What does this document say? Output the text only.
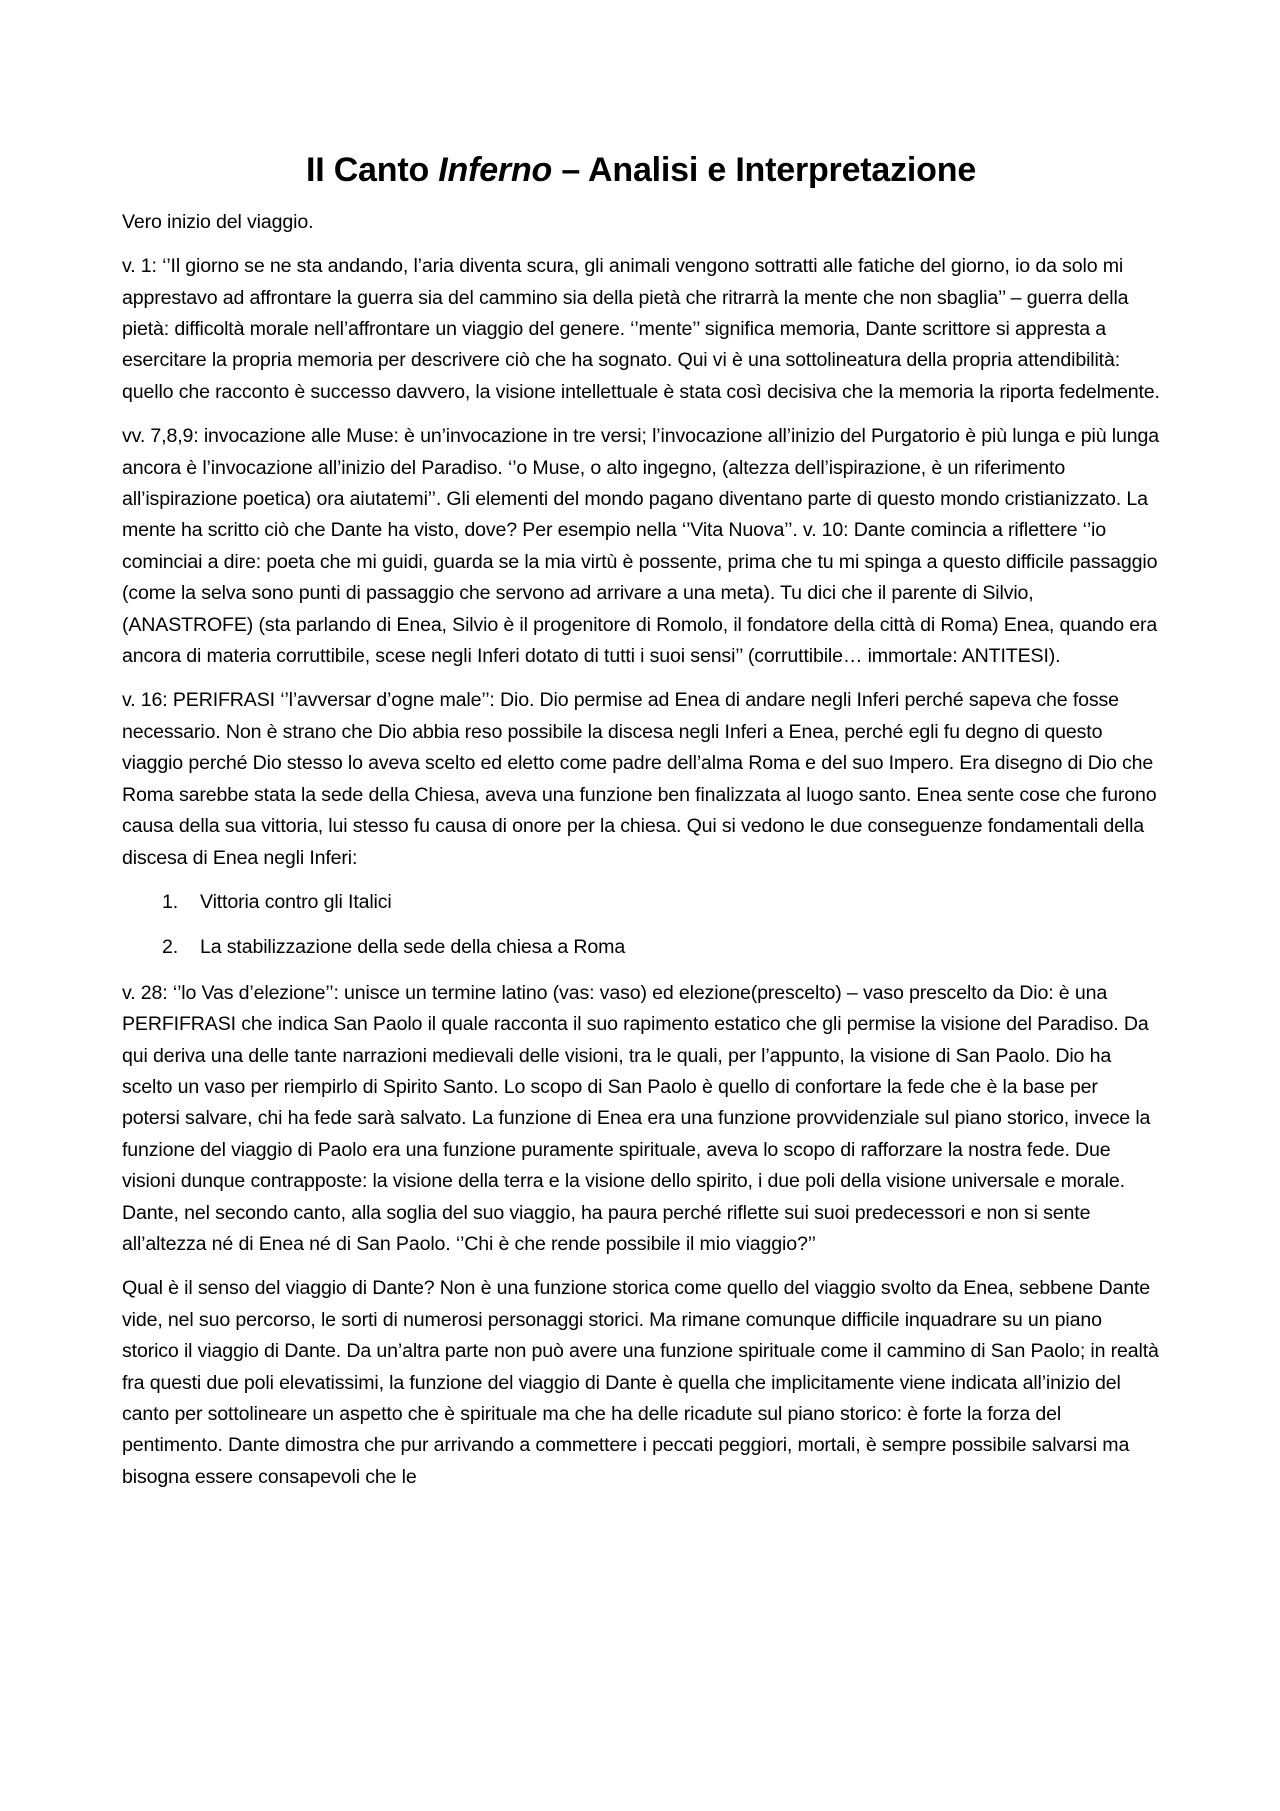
II Canto Inferno – Analisi e Interpretazione

Vero inizio del viaggio.

v. 1: ‘’Il giorno se ne sta andando, l’aria diventa scura, gli animali vengono sottratti alle fatiche del giorno, io da solo mi apprestavo ad affrontare la guerra sia del cammino sia della pietà che ritrarrà la mente che non sbaglia’’ – guerra della pietà: difficoltà morale nell’affrontare un viaggio del genere. ‘’mente’’ significa memoria, Dante scrittore si appresta a esercitare la propria memoria per descrivere ciò che ha sognato. Qui vi è una sottolineatura della propria attendibilità: quello che racconto è successo davvero, la visione intellettuale è stata così decisiva che la memoria la riporta fedelmente.

vv. 7,8,9: invocazione alle Muse: è un’invocazione in tre versi; l’invocazione all’inizio del Purgatorio è più lunga e più lunga ancora è l’invocazione all’inizio del Paradiso. ‘’o Muse, o alto ingegno, (altezza dell’ispirazione, è un riferimento all’ispirazione poetica) ora aiutatemi’’. Gli elementi del mondo pagano diventano parte di questo mondo cristianizzato. La mente ha scritto ciò che Dante ha visto, dove? Per esempio nella ‘’Vita Nuova’’. v. 10: Dante comincia a riflettere ‘’io cominciai a dire: poeta che mi guidi, guarda se la mia virtù è possente, prima che tu mi spinga a questo difficile passaggio (come la selva sono punti di passaggio che servono ad arrivare a una meta). Tu dici che il parente di Silvio, (ANASTROFE) (sta parlando di Enea, Silvio è il progenitore di Romolo, il fondatore della città di Roma) Enea, quando era ancora di materia corruttibile, scese negli Inferi dotato di tutti i suoi sensi’’ (corruttibile… immortale: ANTITESI).

v. 16: PERIFRASI ‘’l’avversar d’ogne male’’: Dio. Dio permise ad Enea di andare negli Inferi perché sapeva che fosse necessario. Non è strano che Dio abbia reso possibile la discesa negli Inferi a Enea, perché egli fu degno di questo viaggio perché Dio stesso lo aveva scelto ed eletto come padre dell’alma Roma e del suo Impero. Era disegno di Dio che Roma sarebbe stata la sede della Chiesa, aveva una funzione ben finalizzata al luogo santo. Enea sente cose che furono causa della sua vittoria, lui stesso fu causa di onore per la chiesa. Qui si vedono le due conseguenze fondamentali della discesa di Enea negli Inferi:

1. Vittoria contro gli Italici
2. La stabilizzazione della sede della chiesa a Roma

v. 28: ‘’lo Vas d’elezione’’: unisce un termine latino (vas: vaso) ed elezione(prescelto) – vaso prescelto da Dio: è una PERFIFRASI che indica San Paolo il quale racconta il suo rapimento estatico che gli permise la visione del Paradiso. Da qui deriva una delle tante narrazioni medievali delle visioni, tra le quali, per l’appunto, la visione di San Paolo. Dio ha scelto un vaso per riempirlo di Spirito Santo. Lo scopo di San Paolo è quello di confortare la fede che è la base per potersi salvare, chi ha fede sarà salvato. La funzione di Enea era una funzione provvidenziale sul piano storico, invece la funzione del viaggio di Paolo era una funzione puramente spirituale, aveva lo scopo di rafforzare la nostra fede. Due visioni dunque contrapposte: la visione della terra e la visione dello spirito, i due poli della visione universale e morale. Dante, nel secondo canto, alla soglia del suo viaggio, ha paura perché riflette sui suoi predecessori e non si sente all’altezza né di Enea né di San Paolo. ‘’Chi è che rende possibile il mio viaggio?’’

Qual è il senso del viaggio di Dante? Non è una funzione storica come quello del viaggio svolto da Enea, sebbene Dante vide, nel suo percorso, le sorti di numerosi personaggi storici. Ma rimane comunque difficile inquadrare su un piano storico il viaggio di Dante. Da un’altra parte non può avere una funzione spirituale come il cammino di San Paolo; in realtà fra questi due poli elevatissimi, la funzione del viaggio di Dante è quella che implicitamente viene indicata all’inizio del canto per sottolineare un aspetto che è spirituale ma che ha delle ricadute sul piano storico: è forte la forza del pentimento. Dante dimostra che pur arrivando a commettere i peccati peggiori, mortali, è sempre possibile salvarsi ma bisogna essere consapevoli che le
